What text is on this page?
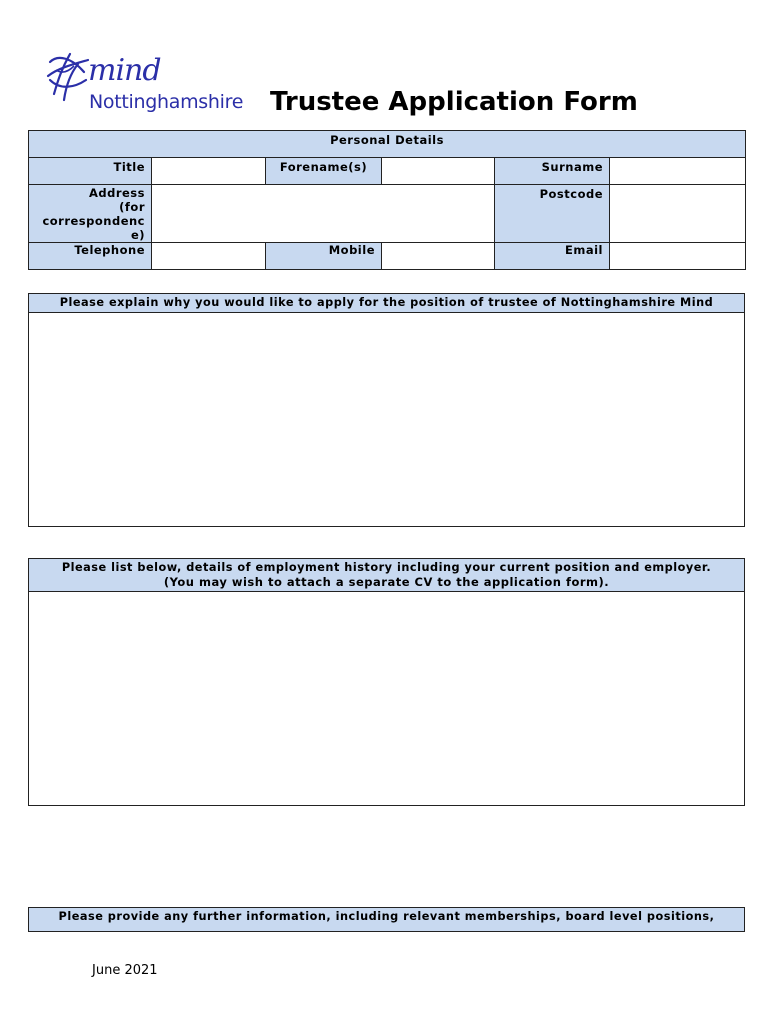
mind
Nottinghamshire Trustee Application Form
Personal Details					
Title		Forename(s)		Surname	
Address
(for
correspondenc
e)				Postcode	
Telephone		Mobile		Email	
Please explain why you would like to apply for the position of trustee of Nottinghamshire Mind
Please list below, details of employment history including your current position and employer.
(You may wish to attach a separate CV to the application form).
Please provide any further information, including relevant memberships, board level positions,
June 2021
